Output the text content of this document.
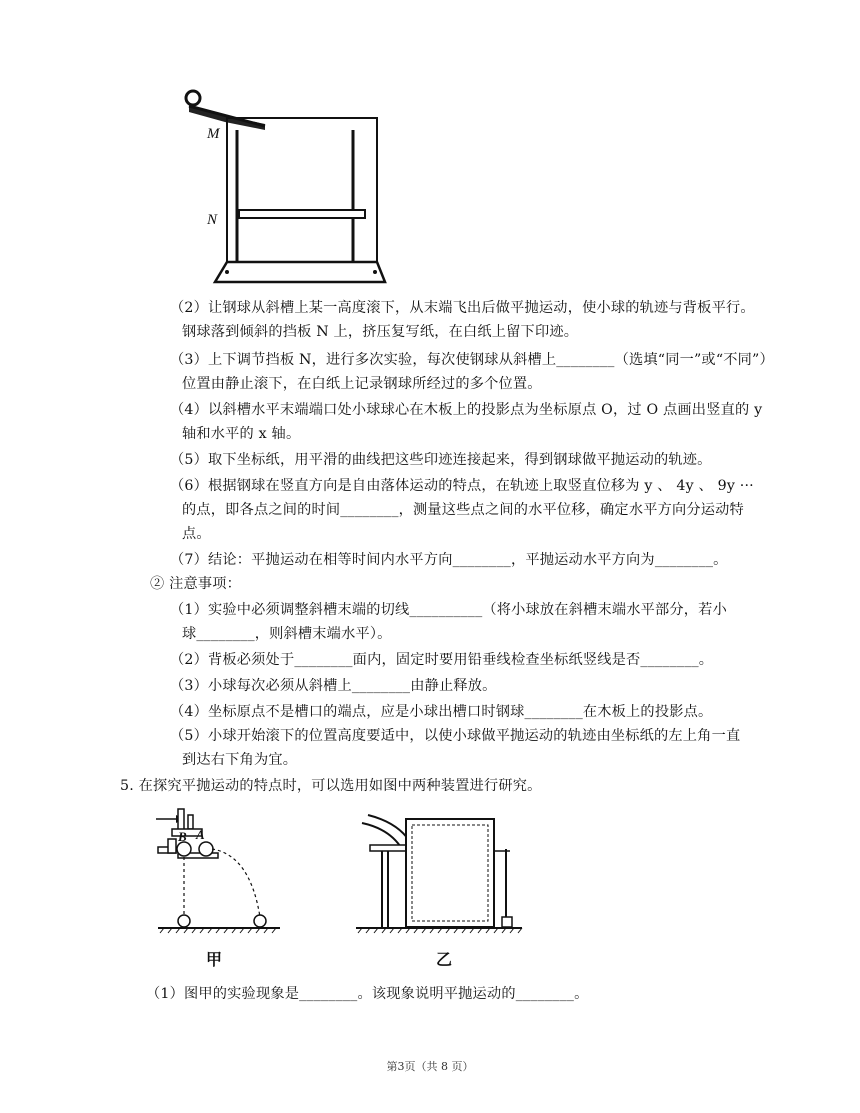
M
N
（2）让钢球从斜槽上某一高度滚下，从末端飞出后做平抛运动，使小球的轨迹与背板平行。
钢球落到倾斜的挡板 N 上，挤压复写纸，在白纸上留下印迹。
（3）上下调节挡板 N，进行多次实验，每次使钢球从斜槽上________（选填“同一”或“不同”）
位置由静止滚下，在白纸上记录钢球所经过的多个位置。
（4）以斜槽水平末端端口处小球球心在木板上的投影点为坐标原点 O，过 O 点画出竖直的 y
轴和水平的 x 轴。
（5）取下坐标纸，用平滑的曲线把这些印迹连接起来，得到钢球做平抛运动的轨迹。
（6）根据钢球在竖直方向是自由落体运动的特点，在轨迹上取竖直位移为 y 、 4y 、 9y ···
的点，即各点之间的时间________，测量这些点之间的水平位移，确定水平方向分运动特
点。
（7）结论：平抛运动在相等时间内水平方向________，平抛运动水平方向为________。
② 注意事项：
（1）实验中必须调整斜槽末端的切线__________（将小球放在斜槽末端水平部分，若小
球________，则斜槽末端水平）。
（2）背板必须处于________面内，固定时要用铅垂线检查坐标纸竖线是否________。
（3）小球每次必须从斜槽上________由静止释放。
（4）坐标原点不是槽口的端点，应是小球出槽口时钢球________在木板上的投影点。
（5）小球开始滚下的位置高度要适中，以使小球做平抛运动的轨迹由坐标纸的左上角一直
到达右下角为宜。
5. 在探究平抛运动的特点时，可以选用如图中两种装置进行研究。
（1）图甲的实验现象是________。该现象说明平抛运动的________。
B A
甲	乙
第3页（共 8 页）
